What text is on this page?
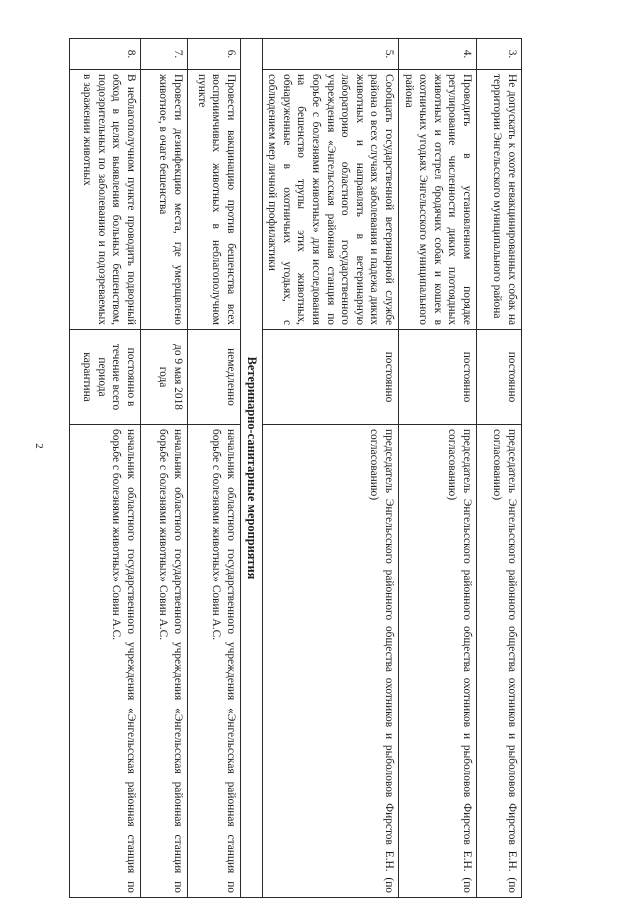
2
3.	Не допускать к охоте невакцинированных собак на территории Энгельсского муниципального района	постоянно	председатель Энгельсского районного общества охотников и рыболовов Фирстов Е.Н. (по согласованию)
4.	Проводить в установленном порядке регулирование численности диких плотоядных животных и отстрел бродячих собак и кошек в охотничьих угодьях Энгельсского муниципального района	постоянно	председатель Энгельсского районного общества охотников и рыболовов Фирстов Е.Н. (по согласованию)
5.	Сообщать государственной ветеринарной службе района о всех случаях заболевания и падежа диких животных и направлять в ветеринарную лабораторию областного государственного учреждения «Энгельсская районная станция по борьбе с болезнями животных» для исследования на бешенство трупы этих животных, обнаруженные в охотничьих угодьях, с соблюдением мер личной профилактики	постоянно	председатель Энгельсского районного общества охотников и рыболовов Фирстов Е.Н. (по согласованию)
Ветеринарно-санитарные мероприятия			
6.	Провести вакцинацию против бешенства всех восприимчивых животных в неблагополучном пункте	немедленно	начальник областного государственного учреждения «Энгельсская районная станция по борьбе с болезнями животных» Совин А.С.
7.	Провести дезинфекцию места, где умерщвлено животное, в очаге бешенства	до 9 мая 2018 года	начальник областного государственного учреждения «Энгельсская районная станция по борьбе с болезнями животных» Совин А.С.
8.	В неблагополучном пункте проводить подворный обход в целях выявления больных бешенством, подозрительных по заболеванию и подозреваемых в заражении животных	постоянно в течение всего периода карантина	начальник областного государственного учреждения «Энгельсская районная станция по борьбе с болезнями животных» Совин А.С.
